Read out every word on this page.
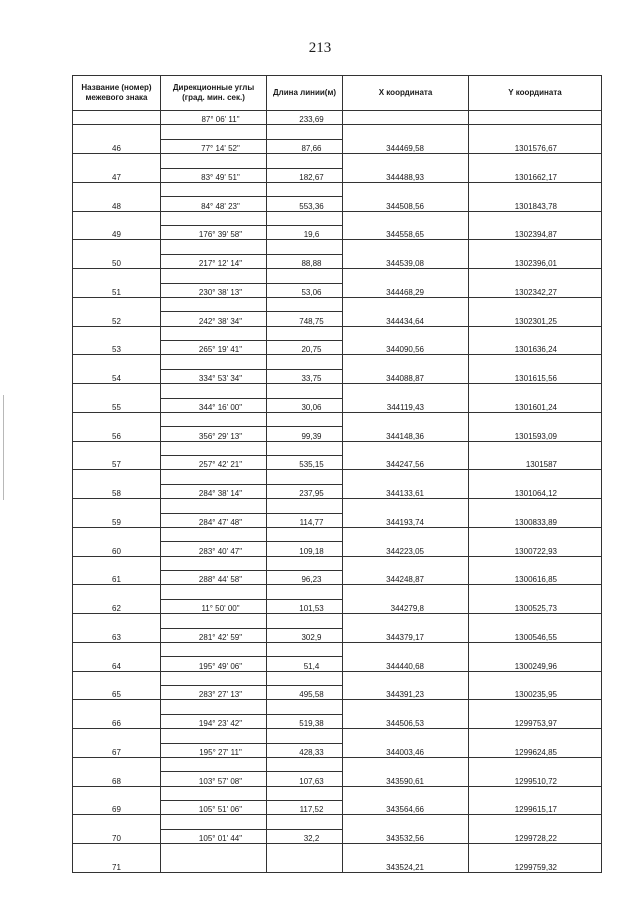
213
Название (номер) межевого знака	Дирекционные углы (град. мин. сек.)	Длина линии(м)	X координата	Y координата
	87° 06' 11"	233,69		
46			344469,58	1301576,67
	77° 14' 52"	87,66		
47			344488,93	1301662,17
	83° 49' 51"	182,67		
48			344508,56	1301843,78
	84° 48' 23"	553,36		
49			344558,65	1302394,87
	176° 39' 58"	19,6		
50			344539,08	1302396,01
	217° 12' 14"	88,88		
51			344468,29	1302342,27
	230° 38' 13"	53,06		
52			344434,64	1302301,25
	242° 38' 34"	748,75		
53			344090,56	1301636,24
	265° 19' 41"	20,75		
54			344088,87	1301615,56
	334° 53' 34"	33,75		
55			344119,43	1301601,24
	344° 16' 00"	30,06		
56			344148,36	1301593,09
	356° 29' 13"	99,39		
57			344247,56	1301587
	257° 42' 21"	535,15		
58			344133,61	1301064,12
	284° 38' 14"	237,95		
59			344193,74	1300833,89
	284° 47' 48"	114,77		
60			344223,05	1300722,93
	283° 40' 47"	109,18		
61			344248,87	1300616,85
	288° 44' 58"	96,23		
62			344279,8	1300525,73
	11° 50' 00"	101,53		
63			344379,17	1300546,55
	281° 42' 59"	302,9		
64			344440,68	1300249,96
	195° 49' 06"	51,4		
65			344391,23	1300235,95
	283° 27' 13"	495,58		
66			344506,53	1299753,97
	194° 23' 42"	519,38		
67			344003,46	1299624,85
	195° 27' 11"	428,33		
68			343590,61	1299510,72
	103° 57' 08"	107,63		
69			343564,66	1299615,17
	105° 51' 06"	117,52		
70			343532,56	1299728,22
	105° 01' 44"	32,2		
71			343524,21	1299759,32
